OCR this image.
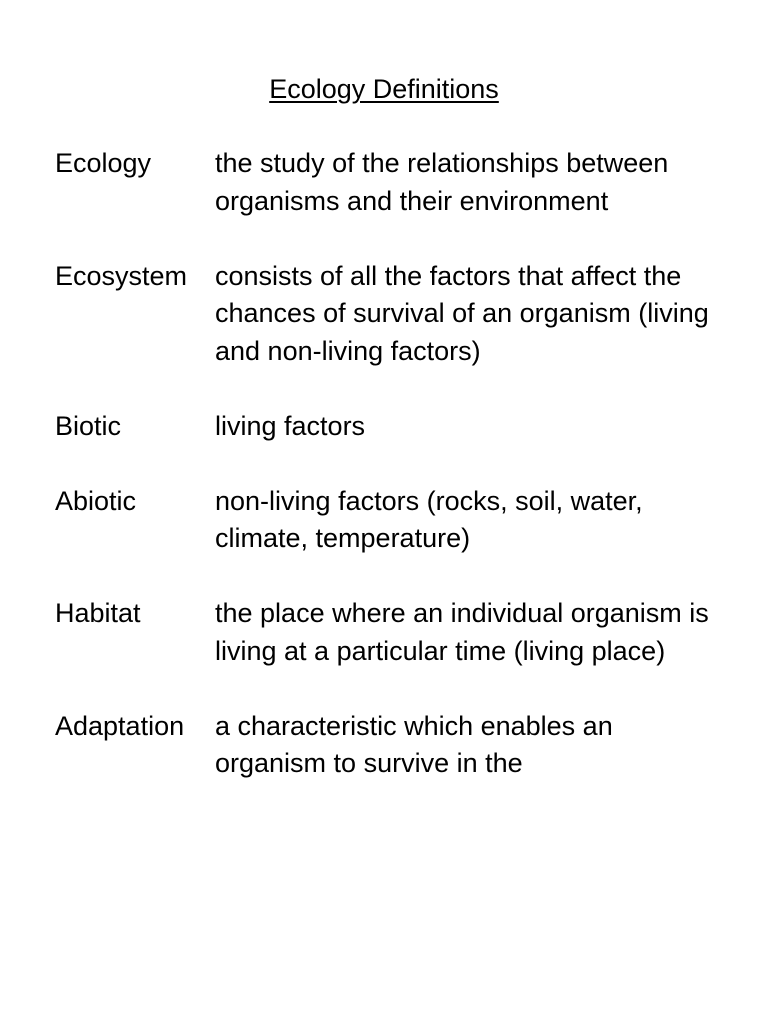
Ecology Definitions
Ecology	the study of the relationships between organisms and their environment
Ecosystem	consists of all the factors that affect the chances of survival of an organism (living and non-living factors)
Biotic	living factors
Abiotic	non-living factors (rocks, soil, water, climate, temperature)
Habitat	the place where an individual organism is living at a particular time (living place)
Adaptation	a characteristic which enables an organism to survive in the
